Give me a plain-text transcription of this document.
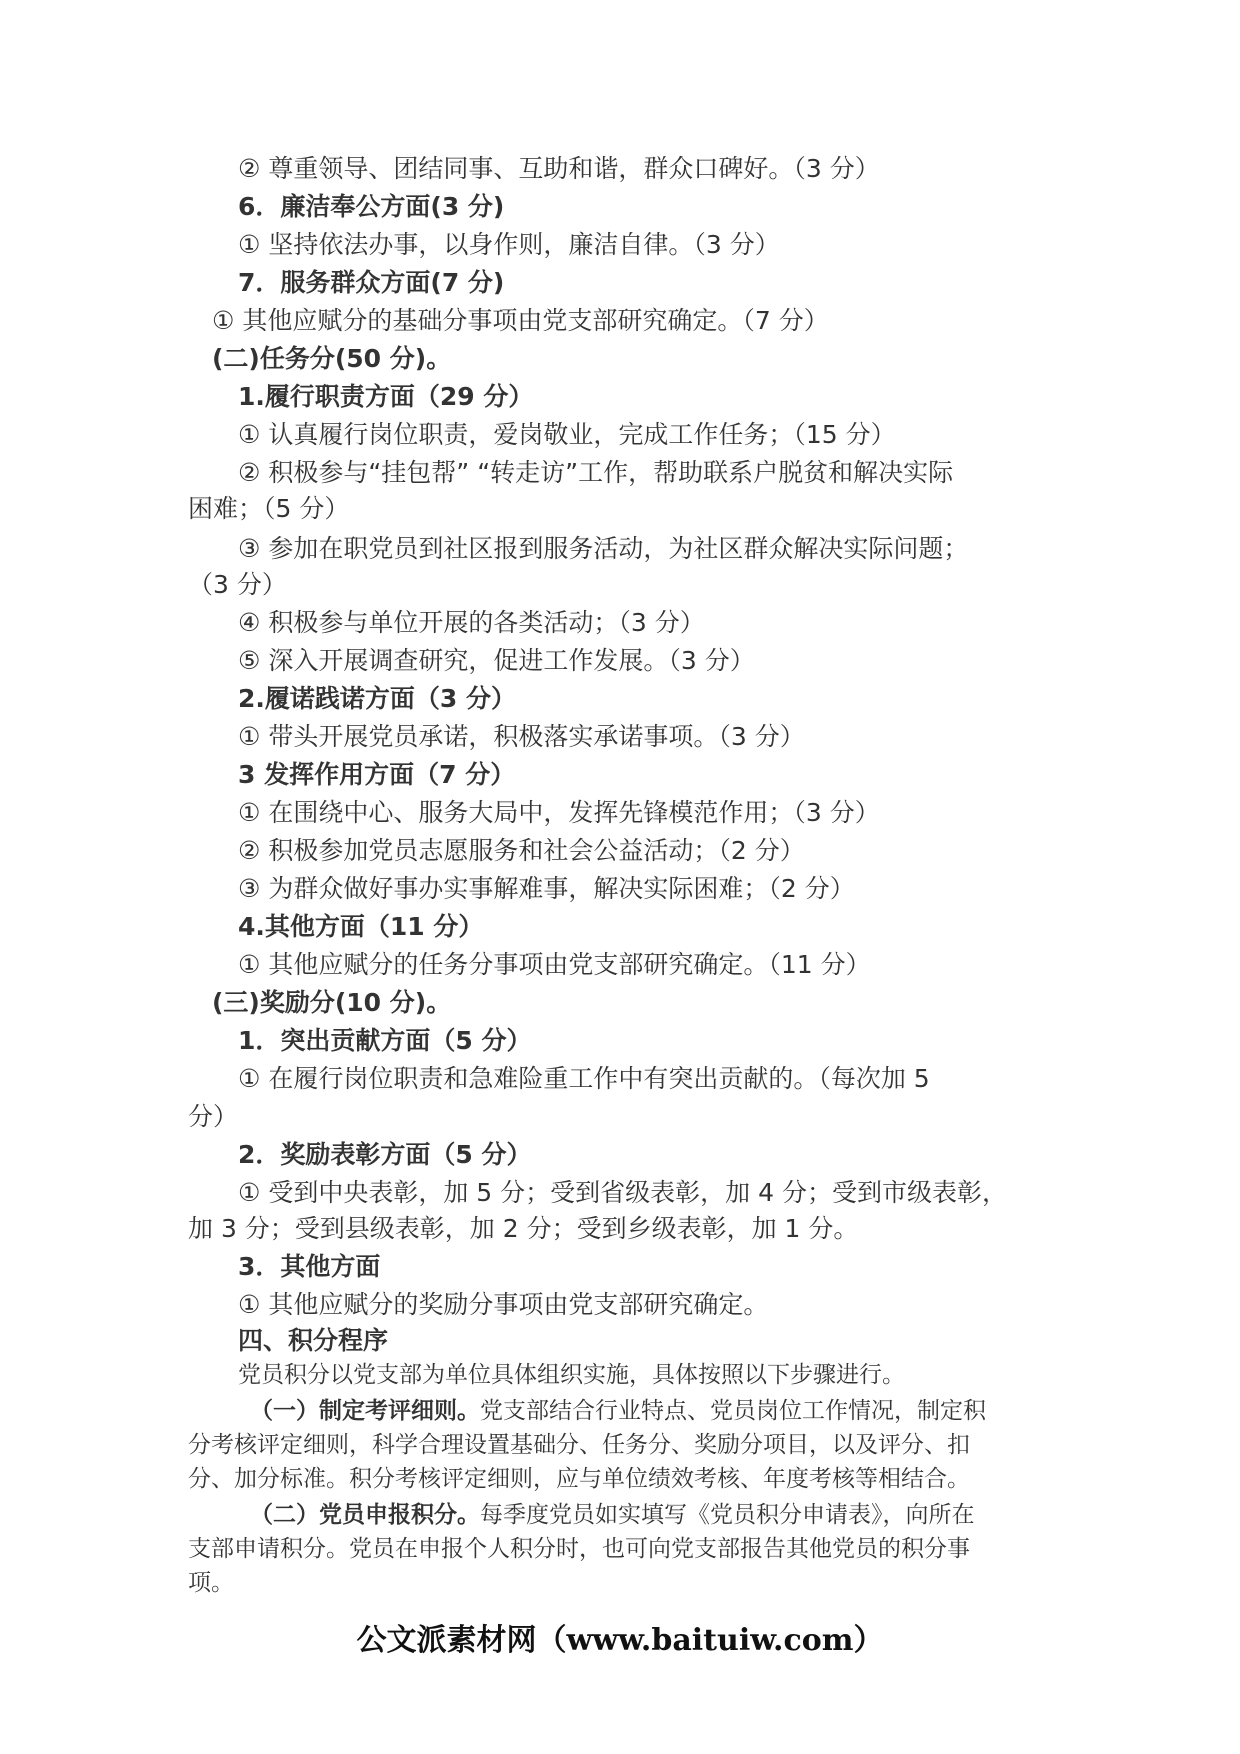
② 尊重领导、团结同事、互助和谐，群众口碑好。（3 分）
6．廉洁奉公方面(3 分)
① 坚持依法办事，以身作则，廉洁自律。（3 分）
7．服务群众方面(7 分)
① 其他应赋分的基础分事项由党支部研究确定。（7 分）
(二)任务分(50 分)。
1.履行职责方面（29 分）
① 认真履行岗位职责，爱岗敬业，完成工作任务；（15 分）
② 积极参与“挂包帮” “转走访”工作，帮助联系户脱贫和解决实际
困难；（5 分）
③ 参加在职党员到社区报到服务活动，为社区群众解决实际问题；
（3 分）
④ 积极参与单位开展的各类活动；（3 分）
⑤ 深入开展调查研究，促进工作发展。（3 分）
2.履诺践诺方面（3 分）
① 带头开展党员承诺，积极落实承诺事项。（3 分）
3 发挥作用方面（7 分）
① 在围绕中心、服务大局中，发挥先锋模范作用；（3 分）
② 积极参加党员志愿服务和社会公益活动；（2 分）
③ 为群众做好事办实事解难事，解决实际困难；（2 分）
4.其他方面（11 分）
① 其他应赋分的任务分事项由党支部研究确定。（11 分）
(三)奖励分(10 分)。
1．突出贡献方面（5 分）
① 在履行岗位职责和急难险重工作中有突出贡献的。（每次加 5
分）
2．奖励表彰方面（5 分）
① 受到中央表彰，加 5 分；受到省级表彰，加 4 分；受到市级表彰，
加 3 分；受到县级表彰，加 2 分；受到乡级表彰，加 1 分。
3．其他方面
① 其他应赋分的奖励分事项由党支部研究确定。
四、积分程序
党员积分以党支部为单位具体组织实施，具体按照以下步骤进行。
（一）制定考评细则。党支部结合行业特点、党员岗位工作情况，制定积
分考核评定细则，科学合理设置基础分、任务分、奖励分项目，以及评分、扣
分、加分标准。积分考核评定细则，应与单位绩效考核、年度考核等相结合。
（二）党员申报积分。每季度党员如实填写《党员积分申请表》，向所在
支部申请积分。党员在申报个人积分时，也可向党支部报告其他党员的积分事
项。
公文派素材网（www.baituiw.com）
